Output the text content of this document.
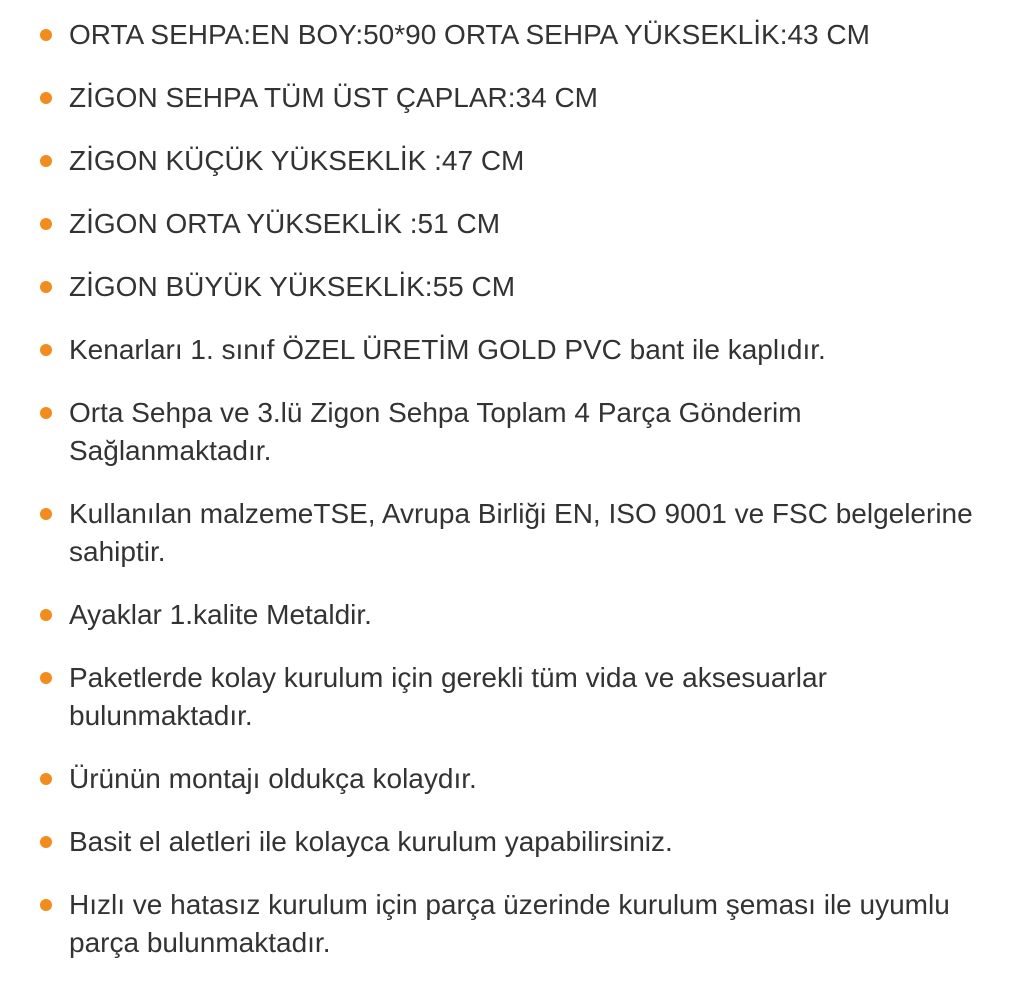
ORTA SEHPA:EN BOY:50*90 ORTA SEHPA YÜKSEKLİK:43 CM
ZİGON SEHPA TÜM ÜST ÇAPLAR:34 CM
ZİGON KÜÇÜK YÜKSEKLİK :47 CM
ZİGON ORTA YÜKSEKLİK :51 CM
ZİGON BÜYÜK YÜKSEKLİK:55 CM
Kenarları 1. sınıf ÖZEL ÜRETİM GOLD PVC bant ile kaplıdır.
Orta Sehpa ve 3.lü Zigon Sehpa Toplam 4 Parça Gönderim Sağlanmaktadır.
Kullanılan malzemeTSE, Avrupa Birliği EN, ISO 9001 ve FSC belgelerine sahiptir.
Ayaklar 1.kalite Metaldir.
Paketlerde kolay kurulum için gerekli tüm vida ve aksesuarlar bulunmaktadır.
Ürünün montajı oldukça kolaydır.
Basit el aletleri ile kolayca kurulum yapabilirsiniz.
Hızlı ve hatasız kurulum için parça üzerinde kurulum şeması ile uyumlu parça bulunmaktadır.
